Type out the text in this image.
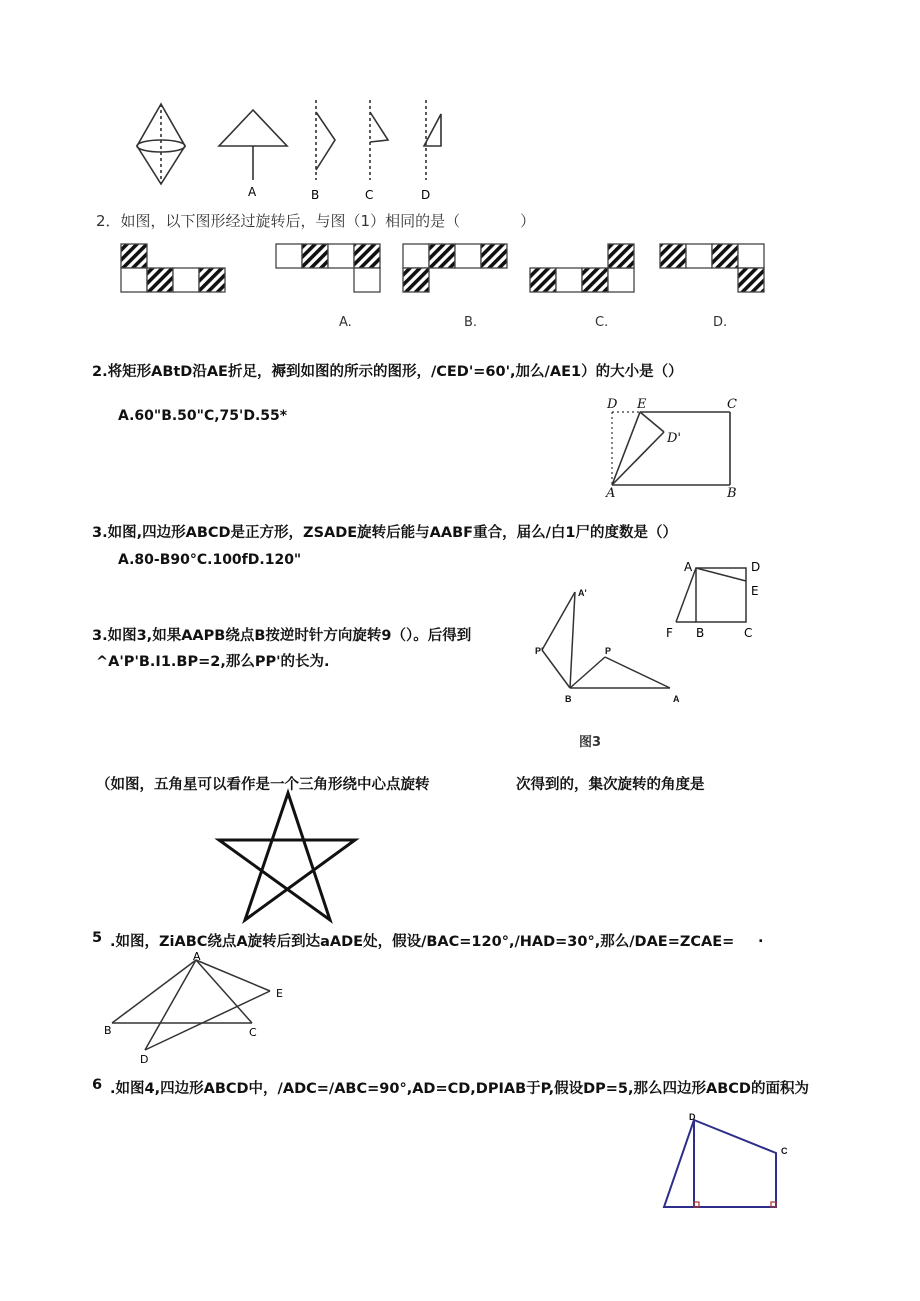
A	B	C	D
2．如图，以下图形经过旋转后，与图（1）相同的是（	）
A.	B.	C.	D.
2.将矩形ABtD沿AE折足，褥到如图的所示的图形，/CED'=60',加么/AE1）的大小是（）
A.60"B.50"C,75'D.55*
D E	C
D'
A	B
3.如图,四边形ABCD是正方形，ZSADE旋转后能与AABF重合，届么/白1尸的度数是（）
A.80-B90°C.100fD.120"	A	D
E
F B	C
3.如图3,如果AAPB绕点B按逆时针方向旋转9（）。后得到
^A'P'B.I1.BP=2,那么PP'的长为.
A'
P'	P
B	A
图3
（如图，五角星可以看作是一个三角形绕中心点旋转	次得到的，集次旋转的角度是
5 .如图，ZiABC绕点A旋转后到达aADE处，假设/BAC=120°,/HAD=30°,那么/DAE=ZCAE= .
A
E
B	C
D
6 .如图4,四边形ABCD中，/ADC=/ABC=90°,AD=CD,DPIAB于P,假设DP=5,那么四边形ABCD的面积为
D
C
